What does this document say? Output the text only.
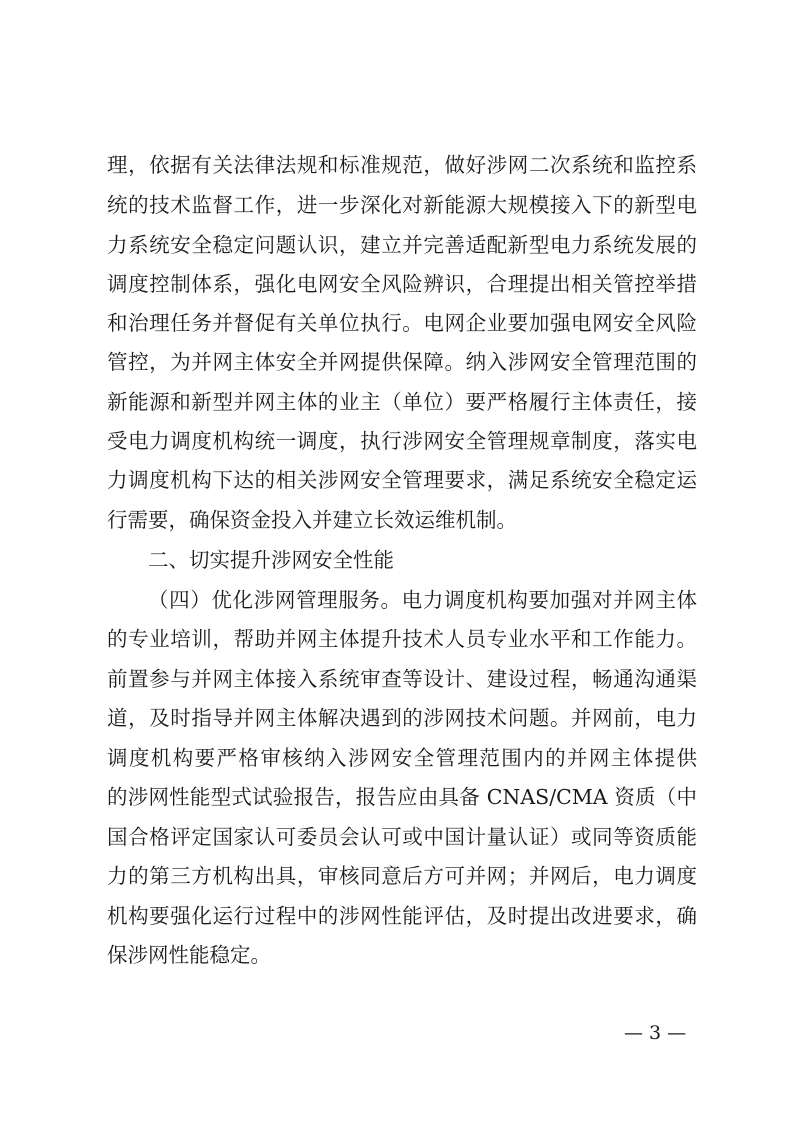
理，依据有关法律法规和标准规范，做好涉网二次系统和监控系
统的技术监督工作，进一步深化对新能源大规模接入下的新型电
力系统安全稳定问题认识，建立并完善适配新型电力系统发展的
调度控制体系，强化电网安全风险辨识，合理提出相关管控举措
和治理任务并督促有关单位执行。电网企业要加强电网安全风险
管控，为并网主体安全并网提供保障。纳入涉网安全管理范围的
新能源和新型并网主体的业主（单位）要严格履行主体责任，接
受电力调度机构统一调度，执行涉网安全管理规章制度，落实电
力调度机构下达的相关涉网安全管理要求，满足系统安全稳定运
行需要，确保资金投入并建立长效运维机制。
二、切实提升涉网安全性能
（四）优化涉网管理服务。电力调度机构要加强对并网主体
的专业培训，帮助并网主体提升技术人员专业水平和工作能力。
前置参与并网主体接入系统审查等设计、建设过程，畅通沟通渠
道，及时指导并网主体解决遇到的涉网技术问题。并网前，电力
调度机构要严格审核纳入涉网安全管理范围内的并网主体提供
的涉网性能型式试验报告，报告应由具备 CNAS/CMA 资质（中
国合格评定国家认可委员会认可或中国计量认证）或同等资质能
力的第三方机构出具，审核同意后方可并网；并网后，电力调度
机构要强化运行过程中的涉网性能评估，及时提出改进要求，确
保涉网性能稳定。
— 3 —
